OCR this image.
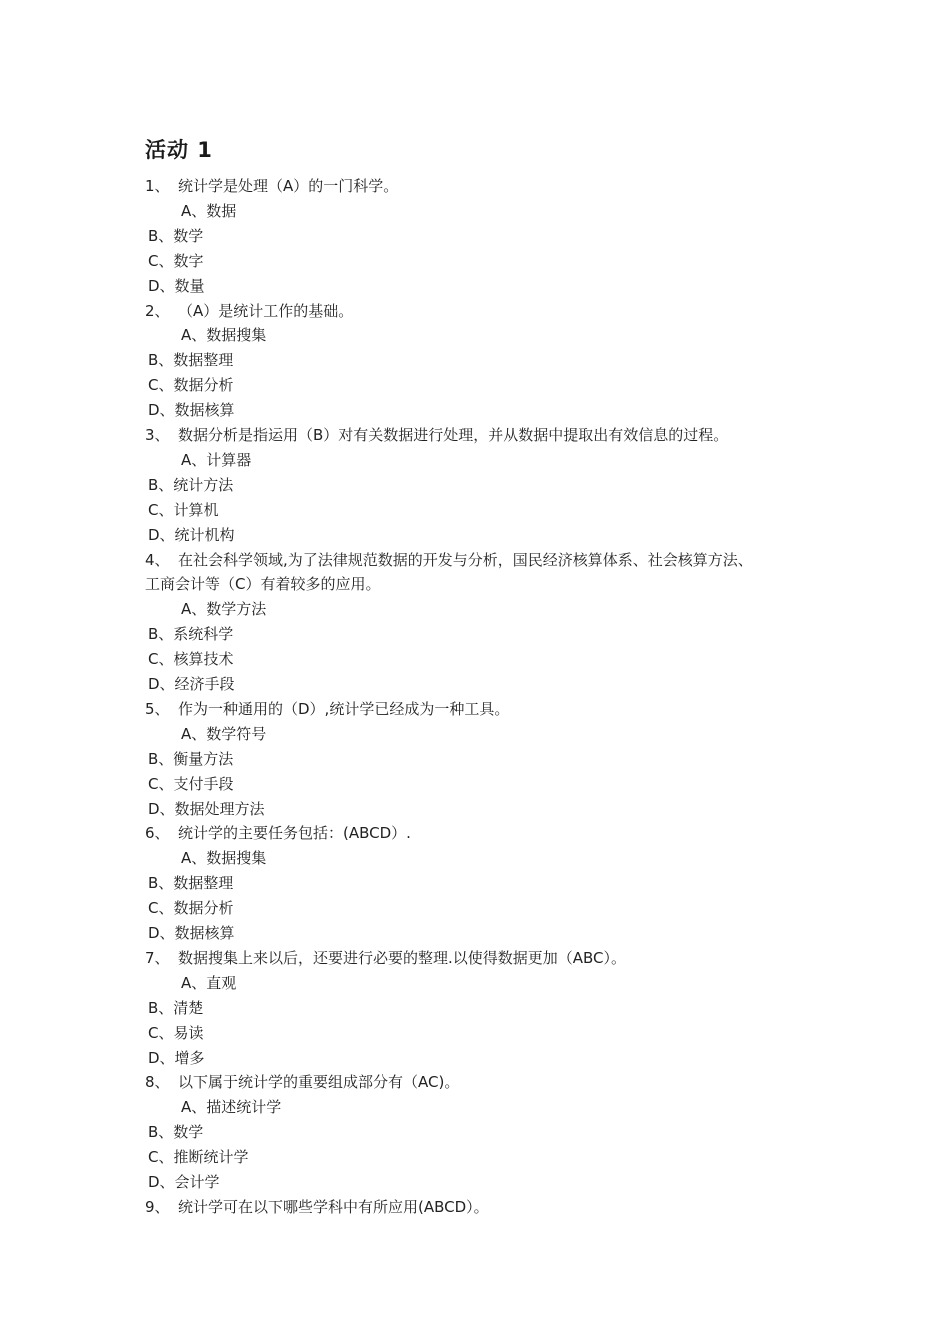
活动 1
1、 统计学是处理（A）的一门科学。
A、数据
B、数学
C、数字
D、数量
2、 （A）是统计工作的基础。
A、数据搜集
B、数据整理
C、数据分析
D、数据核算
3、 数据分析是指运用（B）对有关数据进行处理，并从数据中提取出有效信息的过程。
A、计算器
B、统计方法
C、计算机
D、统计机构
4、 在社会科学领域,为了法律规范数据的开发与分析，国民经济核算体系、社会核算方法、
工商会计等（C）有着较多的应用。
A、数学方法
B、系统科学
C、核算技术
D、经济手段
5、 作为一种通用的（D）,统计学已经成为一种工具。
A、数学符号
B、衡量方法
C、支付手段
D、数据处理方法
6、 统计学的主要任务包括：(ABCD）.
A、数据搜集
B、数据整理
C、数据分析
D、数据核算
7、 数据搜集上来以后，还要进行必要的整理.以使得数据更加（ABC）。
A、直观
B、清楚
C、易读
D、增多
8、 以下属于统计学的重要组成部分有（AC)。
A、描述统计学
B、数学
C、推断统计学
D、会计学
9、 统计学可在以下哪些学科中有所应用(ABCD）。
